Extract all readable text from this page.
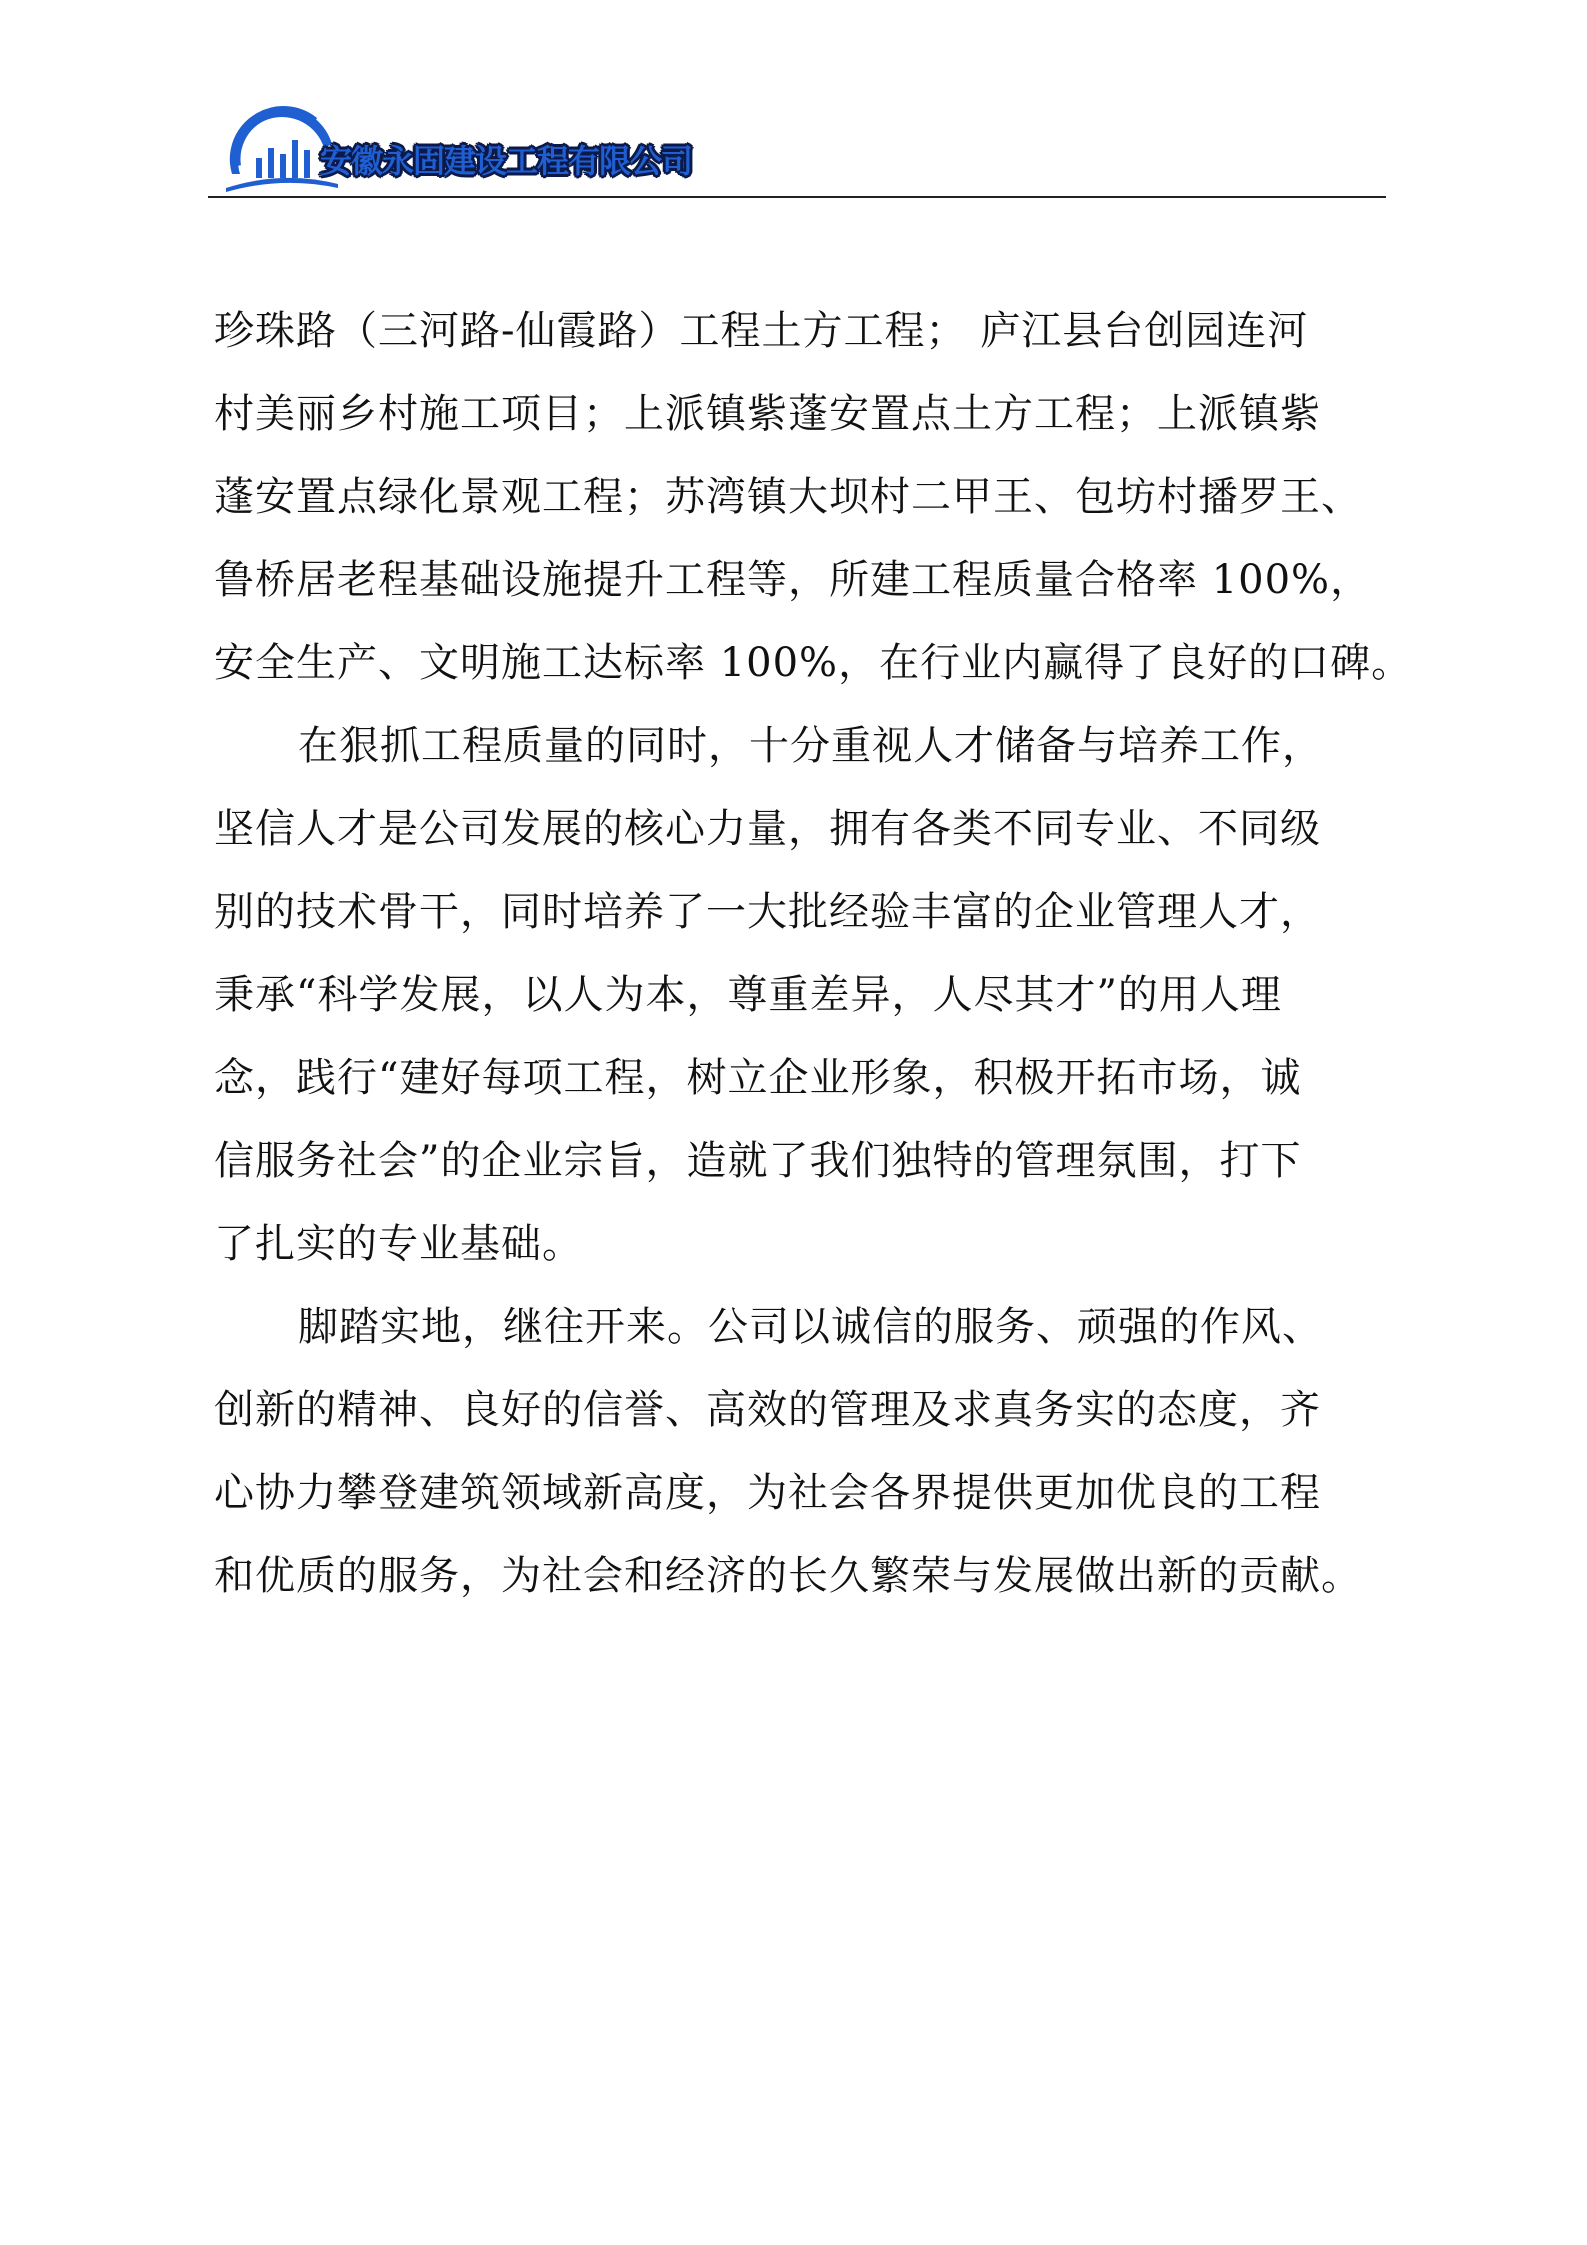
安徽永固建设工程有限公司
珍珠路（三河路-仙霞路）工程土方工程； 庐江县台创园连河
村美丽乡村施工项目；上派镇紫蓬安置点土方工程；上派镇紫
蓬安置点绿化景观工程；苏湾镇大坝村二甲王、包坊村播罗王、
鲁桥居老程基础设施提升工程等，所建工程质量合格率 100%，
安全生产、文明施工达标率 100%，在行业内赢得了良好的口碑。
在狠抓工程质量的同时，十分重视人才储备与培养工作，
坚信人才是公司发展的核心力量，拥有各类不同专业、不同级
别的技术骨干，同时培养了一大批经验丰富的企业管理人才，
秉承“科学发展，以人为本，尊重差异，人尽其才”的用人理
念，践行“建好每项工程，树立企业形象，积极开拓市场，诚
信服务社会”的企业宗旨，造就了我们独特的管理氛围，打下
了扎实的专业基础。
脚踏实地，继往开来。公司以诚信的服务、顽强的作风、
创新的精神、良好的信誉、高效的管理及求真务实的态度，齐
心协力攀登建筑领域新高度，为社会各界提供更加优良的工程
和优质的服务，为社会和经济的长久繁荣与发展做出新的贡献。
